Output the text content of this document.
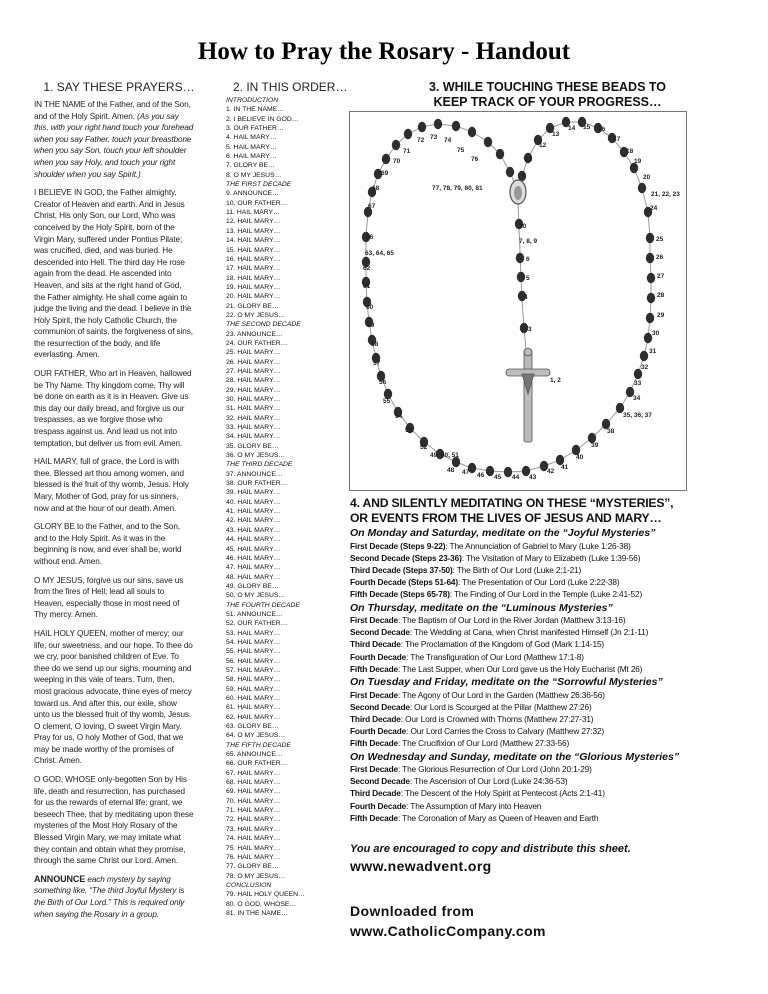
How to Pray the Rosary - Handout
1. SAY THESE PRAYERS…

IN THE NAME of the Father, and of the Son, and of the Holy Spirit. Amen. (As you say this, with your right hand touch your forehead when you say Father, touch your breastbone when you say Son, touch your left shoulder when you say Holy, and touch your right shoulder when you say Spirit.)

I BELIEVE IN GOD, the Father almighty, Creator of Heaven and earth. And in Jesus Christ, His only Son, our Lord, Who was conceived by the Holy Spirit, born of the Virgin Mary, suffered under Pontius Pilate; was crucified, died, and was buried. He descended into Hell. The third day He rose again from the dead. He ascended into Heaven, and sits at the right hand of God, the Father almighty. He shall come again to judge the living and the dead. I believe in the Holy Spirit, the holy Catholic Church, the communion of saints, the forgiveness of sins, the resurrection of the body, and life everlasting. Amen.

OUR FATHER, Who art in Heaven, hallowed be Thy Name. Thy kingdom come, Thy will be done on earth as it is in Heaven. Give us this day our daily bread, and forgive us our trespasses, as we forgive those who trespass against us. And lead us not into temptation, but deliver us from evil. Amen.

HAIL MARY, full of grace, the Lord is with thee. Blessed art thou among women, and blessed is the fruit of thy womb, Jesus. Holy Mary, Mother of God, pray for us sinners, now and at the hour of our death. Amen.

GLORY BE to the Father, and to the Son, and to the Holy Spirit. As it was in the beginning is now, and ever shall be, world without end. Amen.

O MY JESUS, forgive us our sins, save us from the fires of Hell; lead all souls to Heaven, especially those in most need of Thy mercy. Amen.

HAIL HOLY QUEEN, mother of mercy; our life, our sweetness, and our hope. To thee do we cry, poor banished children of Eve. To thee do we send up our sighs, mourning and weeping in this vale of tears. Turn, then, most gracious advocate, thine eyes of mercy toward us. And after this, our exile, show unto us the blessed fruit of thy womb, Jesus. O clement, O loving, O sweet Virgin Mary. Pray for us, O holy Mother of God, that we may be made worthy of the promises of Christ. Amen.

O GOD, WHOSE only-begotten Son by His life, death and resurrection, has purchased for us the rewards of eternal life; grant, we beseech Thee, that by meditating upon these mysteries of the Most Holy Rosary of the Blessed Virgin Mary, we may imitate what they contain and obtain what they promise, through the same Christ our Lord. Amen.

ANNOUNCE each mystery by saying something like, “The third Joyful Mystery is the Birth of Our Lord.” This is required only when saying the Rosary in a group.

2. IN THIS ORDER…
INTRODUCTION
1. IN THE NAME…
2. I BELIEVE IN GOD…
3. OUR FATHER…
4. HAIL MARY…
5. HAIL MARY…
6. HAIL MARY…
7. GLORY BE…
8. O MY JESUS…
THE FIRST DECADE
9. ANNOUNCE…
10. OUR FATHER…
11. HAIL MARY…
12. HAIL MARY…
13. HAIL MARY…
14. HAIL MARY…
15. HAIL MARY…
16. HAIL MARY…
17. HAIL MARY…
18. HAIL MARY…
19. HAIL MARY…
20. HAIL MARY…
21. GLORY BE…
22. O MY JESUS…
THE SECOND DECADE
23. ANNOUNCE…
24. OUR FATHER…
25. HAIL MARY…
26. HAIL MARY…
27. HAIL MARY…
28. HAIL MARY…
29. HAIL MARY…
30. HAIL MARY…
31. HAIL MARY…
32. HAIL MARY…
33. HAIL MARY…
34. HAIL MARY…
35. GLORY BE…
36. O MY JESUS…
THE THIRD DECADE
37. ANNOUNCE…
38. OUR FATHER…
39. HAIL MARY…
40. HAIL MARY…
41. HAIL MARY…
42. HAIL MARY…
43. HAIL MARY…
44. HAIL MARY…
45. HAIL MARY…
46. HAIL MARY…
47. HAIL MARY…
48. HAIL MARY…
49. GLORY BE…
50. O MY JESUS…
THE FOURTH DECADE
51. ANNOUNCE…
52. OUR FATHER…
53. HAIL MARY…
54. HAIL MARY…
55. HAIL MARY…
56. HAIL MARY…
57. HAIL MARY…
58. HAIL MARY…
59. HAIL MARY…
60. HAIL MARY…
61. HAIL MARY…
62. HAIL MARY…
63. GLORY BE…
64. O MY JESUS…
THE FIFTH DECADE
65. ANNOUNCE…
66. OUR FATHER…
67. HAIL MARY…
68. HAIL MARY…
69. HAIL MARY…
70. HAIL MARY…
71. HAIL MARY…
72. HAIL MARY…
73. HAIL MARY…
74. HAIL MARY…
75. HAIL MARY…
76. HAIL MARY…
77. GLORY BE…
78. O MY JESUS…
CONCLUSION
79. HAIL HOLY QUEEN…
80. O GOD, WHOSE…
81. IN THE NAME…
3. WHILE TOUCHING THESE BEADS TO
KEEP TRACK OF YOUR PROGRESS…
72 73 74
71	75
70	76
69
68	77, 78, 79, 80, 81
67
66
63, 64, 65
62
61
60
59
58
57
56
55
54
53
52
49, 50, 51
48 47 46 45 44 43
42
41
40
39
38
35, 36, 37
34
33
32
31
30
29
28
27
26
25
24
21, 22, 23
20
19
18
17
16
15
14
13
12
11
10
7, 8, 9
6
5
4
3
1, 2
4. AND SILENTLY MEDITATING ON THESE “MYSTERIES”,
OR EVENTS FROM THE LIVES OF JESUS AND MARY…
On Monday and Saturday, meditate on the “Joyful Mysteries”
First Decade (Steps 9-22): The Annunciation of Gabriel to Mary (Luke 1:26-38)
Second Decade (Steps 23-36): The Visitation of Mary to Elizabeth (Luke 1:39-56)
Third Decade (Steps 37-50): The Birth of Our Lord (Luke 2:1-21)
Fourth Decade (Steps 51-64): The Presentation of Our Lord (Luke 2:22-38)
Fifth Decade (Steps 65-78): The Finding of Our Lord in the Temple (Luke 2:41-52)
On Thursday, meditate on the “Luminous Mysteries”
First Decade: The Baptism of Our Lord in the River Jordan (Matthew 3:13-16)
Second Decade: The Wedding at Cana, when Christ manifested Himself (Jn 2:1-11)
Third Decade: The Proclamation of the Kingdom of God (Mark 1:14-15)
Fourth Decade: The Transfiguration of Our Lord (Matthew 17:1-8)
Fifth Decade: The Last Supper, when Our Lord gave us the Holy Eucharist (Mt 26)
On Tuesday and Friday, meditate on the “Sorrowful Mysteries”
First Decade: The Agony of Our Lord in the Garden (Matthew 26:36-56)
Second Decade: Our Lord is Scourged at the Pillar (Matthew 27:26)
Third Decade: Our Lord is Crowned with Thorns (Matthew 27:27-31)
Fourth Decade: Our Lord Carries the Cross to Calvary (Matthew 27:32)
Fifth Decade: The Crucifixion of Our Lord (Matthew 27:33-56)
On Wednesday and Sunday, meditate on the “Glorious Mysteries”
First Decade: The Glorious Resurrection of Our Lord (John 20:1-29)
Second Decade: The Ascension of Our Lord (Luke 24:36-53)
Third Decade: The Descent of the Holy Spirit at Pentecost (Acts 2:1-41)
Fourth Decade: The Assumption of Mary into Heaven
Fifth Decade: The Coronation of Mary as Queen of Heaven and Earth
You are encouraged to copy and distribute this sheet.
www.newadvent.org
Downloaded from
www.CatholicCompany.com
